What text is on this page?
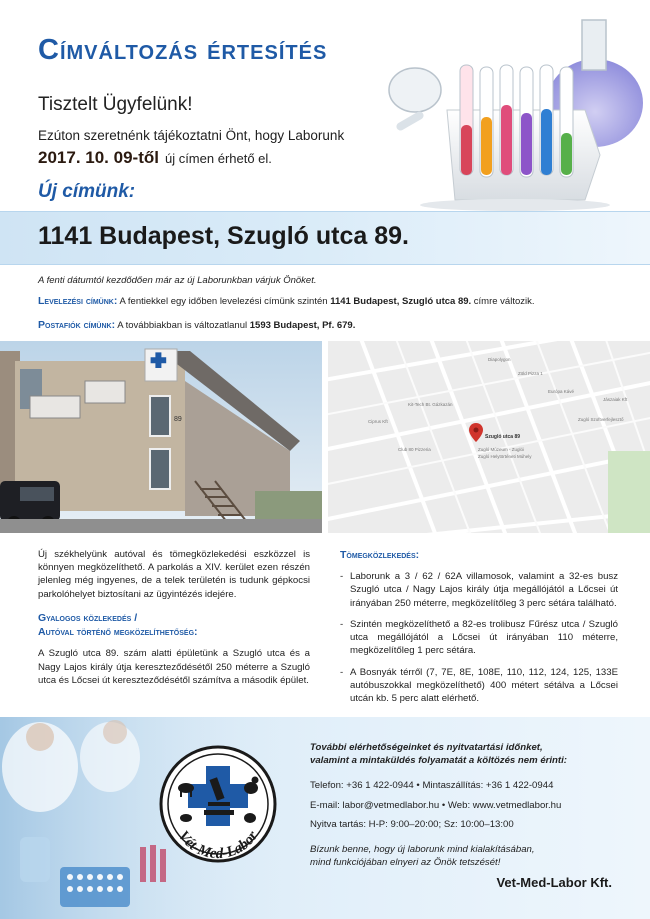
Címváltozás értesítés
Tisztelt Ügyfelünk!
Ezúton szeretnénk tájékoztatni Önt, hogy Laborunk
2017. 10. 09-től új címen érhető el.
Új címünk:
1141 Budapest, Szugló utca 89.
A fenti dátumtól kezdődően már az új Laborunkban várjuk Önöket.
Levelezési címünk: A fentiekkel egy időben levelezési címünk szintén 1141 Budapest, Szugló utca 89. címre változik.
Postafiók címünk: A továbbiakban is változatlanul 1593 Budapest, Pf. 679.
89	Ciprus Kft
Diapolygon
Zöld Pizza 1
Kit-Tech Bt. Gázkazán
Európa Kávé
Club 80 Pizzeria	Zugló Múzeum - Zuglói
Zugló Helytörténeti Múhely
Zugló Szoftverfejlesztő
Jászaiak Kft
Szugló utca 89

Új székhelyünk autóval és tömegközlekedési eszközzel is könnyen megközelíthető. A parkolás a XIV. kerület ezen részén jelenleg még ingyenes, de a telek területén is tudunk gépkocsi parkolóhelyet biztosítani az ügyintézés idejére.

Gyalogos közlekedés /
Autóval történő megközelíthetőség:

A Szugló utca 89. szám alatti épületünk a Szugló utca és a Nagy Lajos király útja kereszteződésétől 250 méterre a Szugló utca és Lőcsei út kereszteződésétől számítva a második épület.

Tömegközlekedés:
- Laborunk a 3 / 62 / 62A villamosok, valamint a 32-es busz Szugló utca / Nagy Lajos király útja megállójától a Lőcsei út irányában 250 méterre, megközelítőleg 3 perc sétára található.
- Szintén megközelíthető a 82-es trolibusz Fűrész utca / Szugló utca megállójától a Lőcsei út irányában 110 méterre, megközelítőleg 1 perc sétára.
- A Bosnyák térről (7, 7E, 8E, 108E, 110, 112, 124, 125, 133E autóbuszokkal megközelíthető) 400 métert sétálva a Lőcsei utcán kb. 5 perc alatt elérhető.
Vét-Med-Labor

További elérhetőségeinket és nyitvatartási időnket,
valamint a mintaküldés folyamatát a költözés nem érinti:

Telefon: +36 1 422-0944 • Mintaszállítás: +36 1 422-0944

E-mail: labor@vetmedlabor.hu • Web: www.vetmedlabor.hu

Nyitva tartás: H-P: 9:00–20:00; Sz: 10:00–13:00

Bízunk benne, hogy új laborunk mind kialakításában,
mind funkciójában elnyeri az Önök tetszését!

Vet-Med-Labor Kft.
